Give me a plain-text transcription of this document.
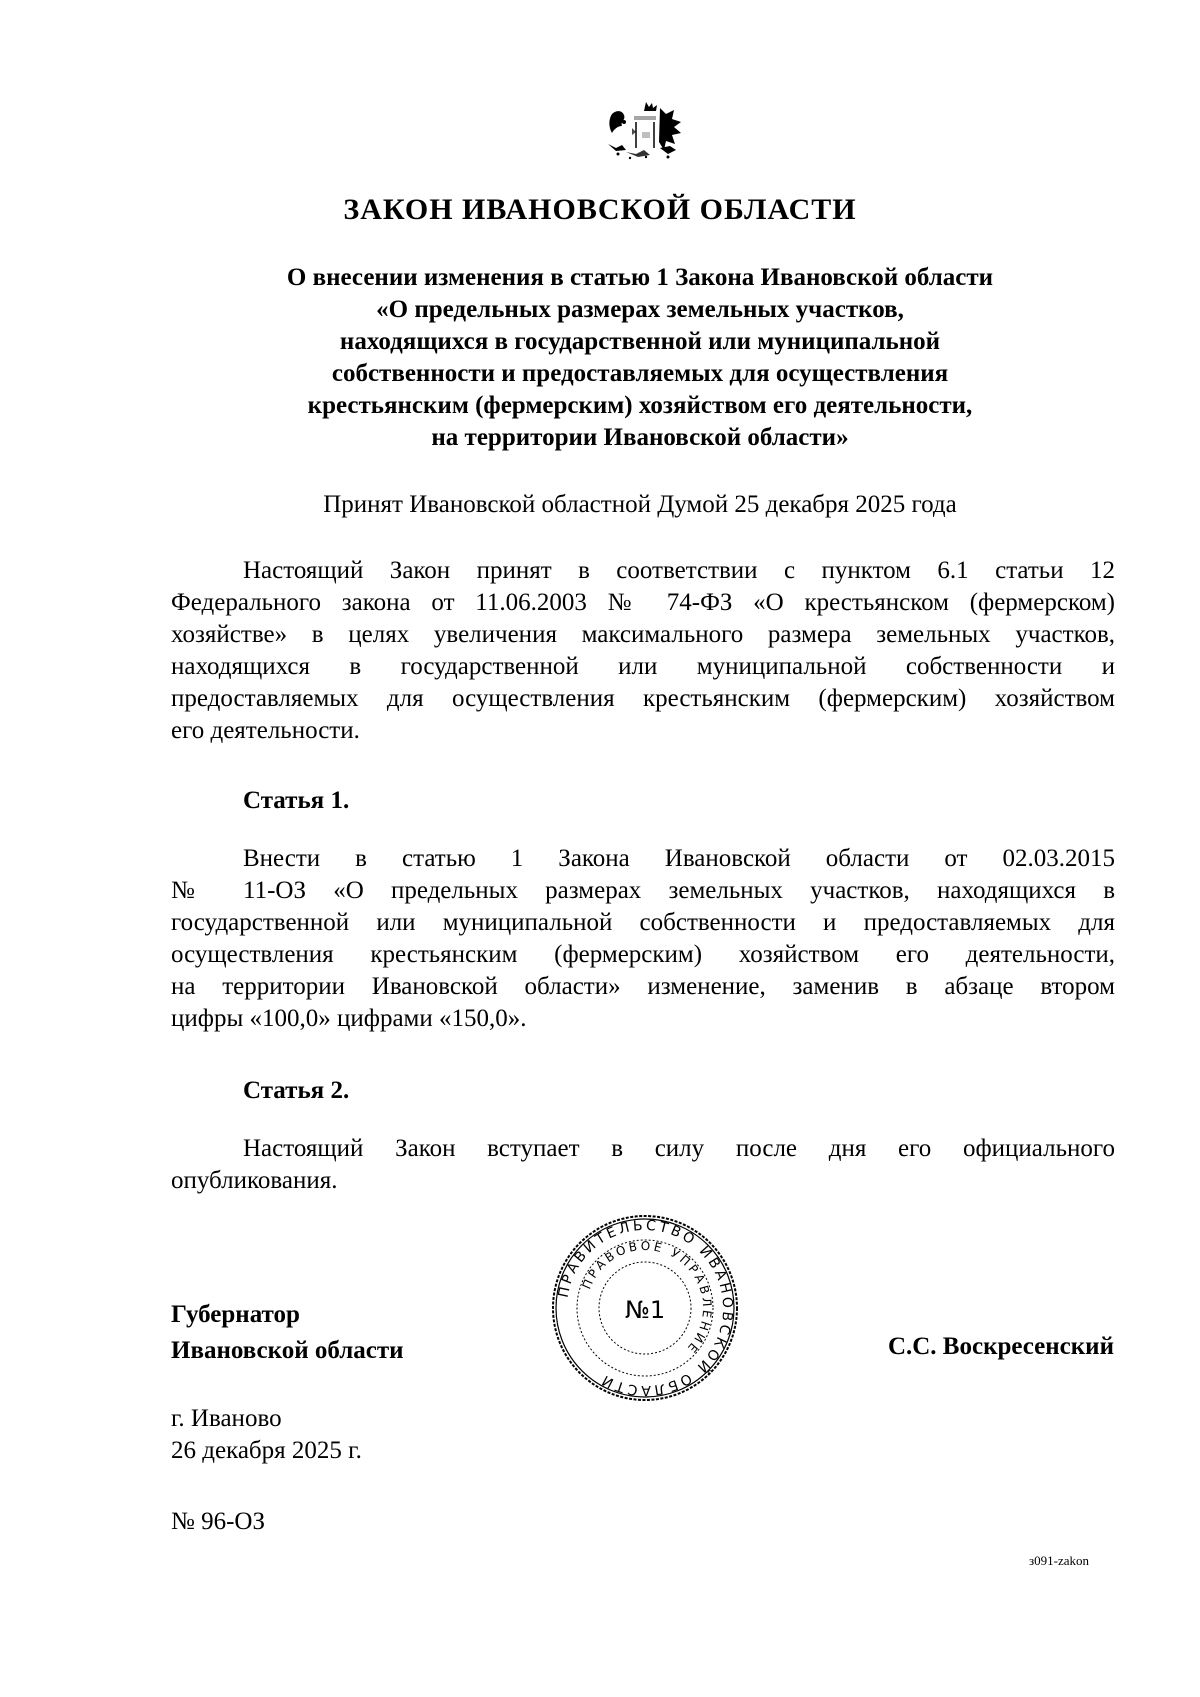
ЗАКОН ИВАНОВСКОЙ ОБЛАСТИ
О внесении изменения в статью 1 Закона Ивановской области
«О предельных размерах земельных участков,
находящихся в государственной или муниципальной
собственности и предоставляемых для осуществления
крестьянским (фермерским) хозяйством его деятельности,
на территории Ивановской области»
Принят Ивановской областной Думой 25 декабря 2025 года
Настоящий Закон принят в соответствии с пунктом 6.1 статьи 12
Федерального закона от 11.06.2003 № 74-ФЗ «О крестьянском (фермерском)
хозяйстве» в целях увеличения максимального размера земельных участков,
находящихся в государственной или муниципальной собственности и
предоставляемых для осуществления крестьянским (фермерским) хозяйством
его деятельности.
Статья 1.
Внести в статью 1 Закона Ивановской области от 02.03.2015
№ 11-ОЗ «О предельных размерах земельных участков, находящихся в
государственной или муниципальной собственности и предоставляемых для
осуществления крестьянским (фермерским) хозяйством его деятельности,
на территории Ивановской области» изменение, заменив в абзаце втором
цифры «100,0» цифрами «150,0».
Статья 2.
Настоящий Закон вступает в силу после дня его официального
опубликования.
Губернатор
Ивановской области
ПРАВИТЕЛЬСТВО ИВАНОВСКОЙ ОБЛАСТИ
ПРАВОВОЕ УПРАВЛЕНИЕ
№1
С.С. Воскресенский
г. Иваново
26 декабря 2025 г.
№ 96-ОЗ
з091-zakon
